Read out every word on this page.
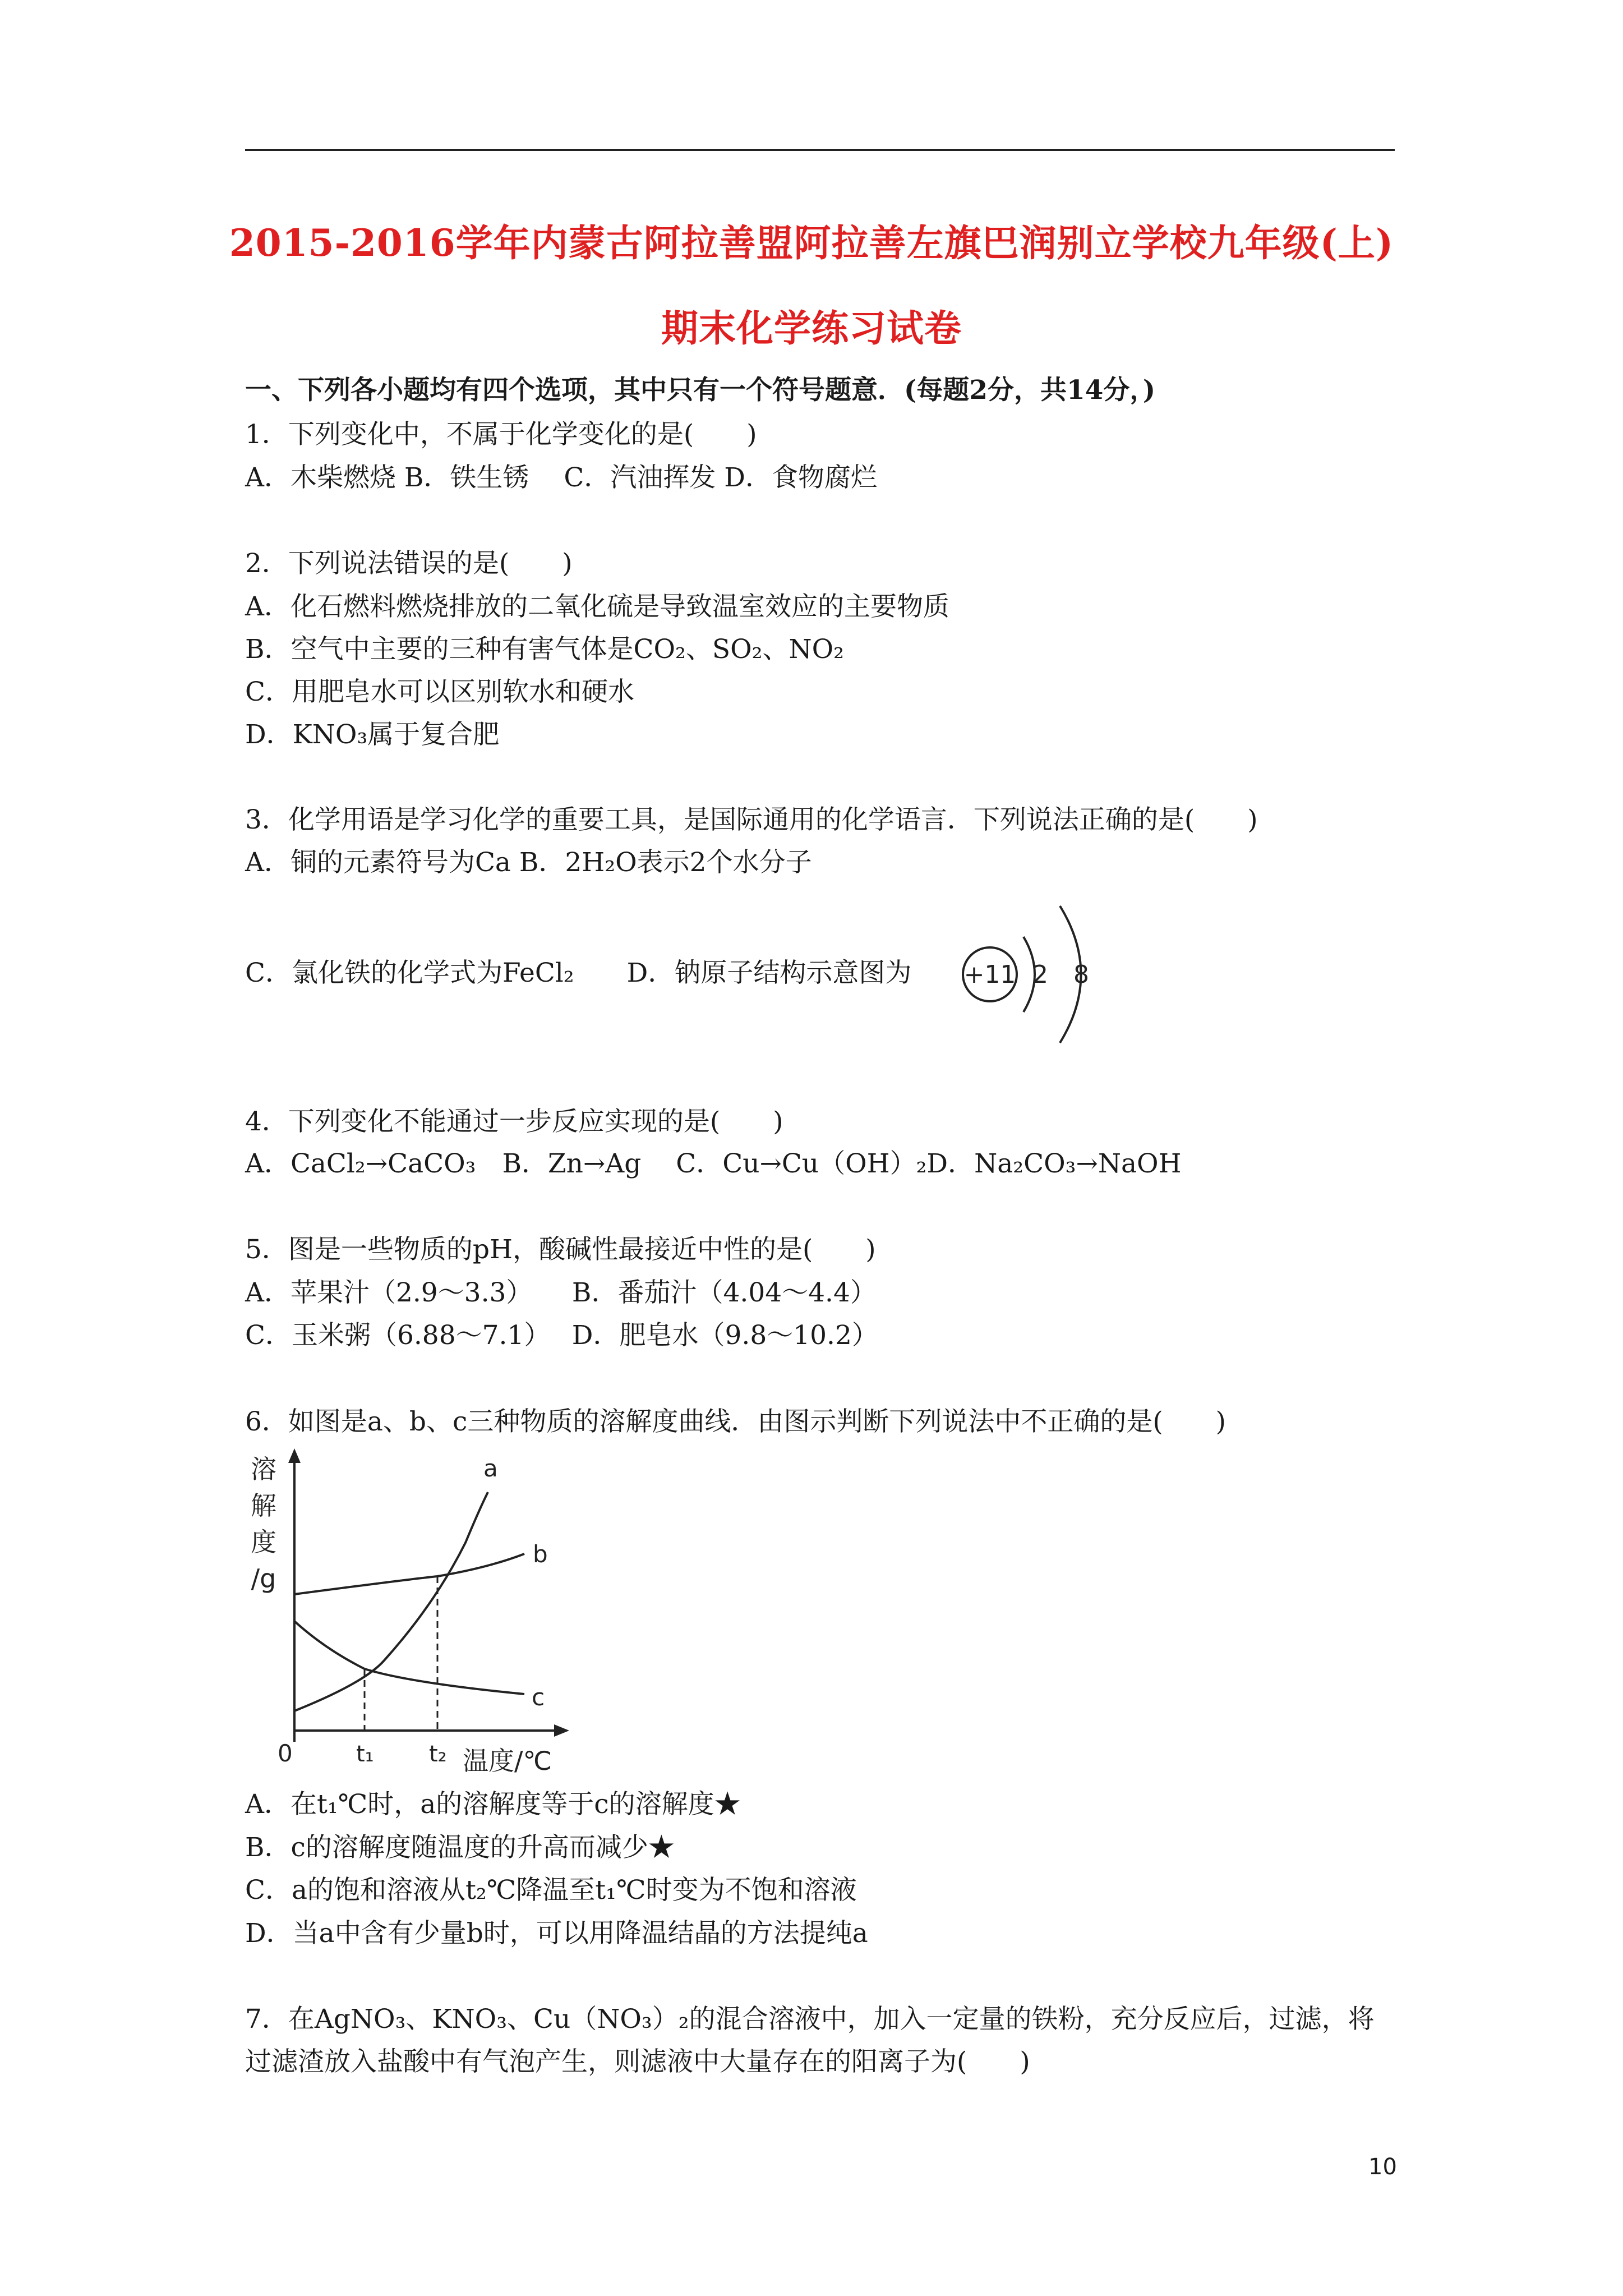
2015-2016学年内蒙古阿拉善盟阿拉善左旗巴润别立学校九年级(上)
期末化学练习试卷
一、下列各小题均有四个选项，其中只有一个符号题意．(每题2分，共14分，)
1．下列变化中，不属于化学变化的是(　　)
A．木柴燃烧 B．铁生锈　 C．汽油挥发 D．食物腐烂
2．下列说法错误的是(　　)
A．化石燃料燃烧排放的二氧化硫是导致温室效应的主要物质
B．空气中主要的三种有害气体是CO₂、SO₂、NO₂
C．用肥皂水可以区别软水和硬水
D．KNO₃属于复合肥
3．化学用语是学习化学的重要工具，是国际通用的化学语言．下列说法正确的是(　　)
A．铜的元素符号为Ca B．2H₂O表示2个水分子
C．氯化铁的化学式为FeCl₂　　D．钠原子结构示意图为 +11 2 8
4．下列变化不能通过一步反应实现的是(　　)
A．CaCl₂→CaCO₃　B．Zn→Ag　 C．Cu→Cu（OH）₂D．Na₂CO₃→NaOH
5．图是一些物质的pH，酸碱性最接近中性的是(　　)
A．苹果汁（2.9～3.3）　　B．番茄汁（4.04～4.4）
C．玉米粥（6.88～7.1）　 D．肥皂水（9.8～10.2）
6．如图是a、b、c三种物质的溶解度曲线．由图示判断下列说法中不正确的是(　　)
溶
解
度
/g
a
b
c
0	t₁ t₂ 温度/℃
A．在t₁℃时，a的溶解度等于c的溶解度★
B．c的溶解度随温度的升高而减少★
C．a的饱和溶液从t₂℃降温至t₁℃时变为不饱和溶液
D．当a中含有少量b时，可以用降温结晶的方法提纯a
7．在AgNO₃、KNO₃、Cu（NO₃）₂的混合溶液中，加入一定量的铁粉，充分反应后，过滤，将
过滤渣放入盐酸中有气泡产生，则滤液中大量存在的阳离子为(　　)
10
